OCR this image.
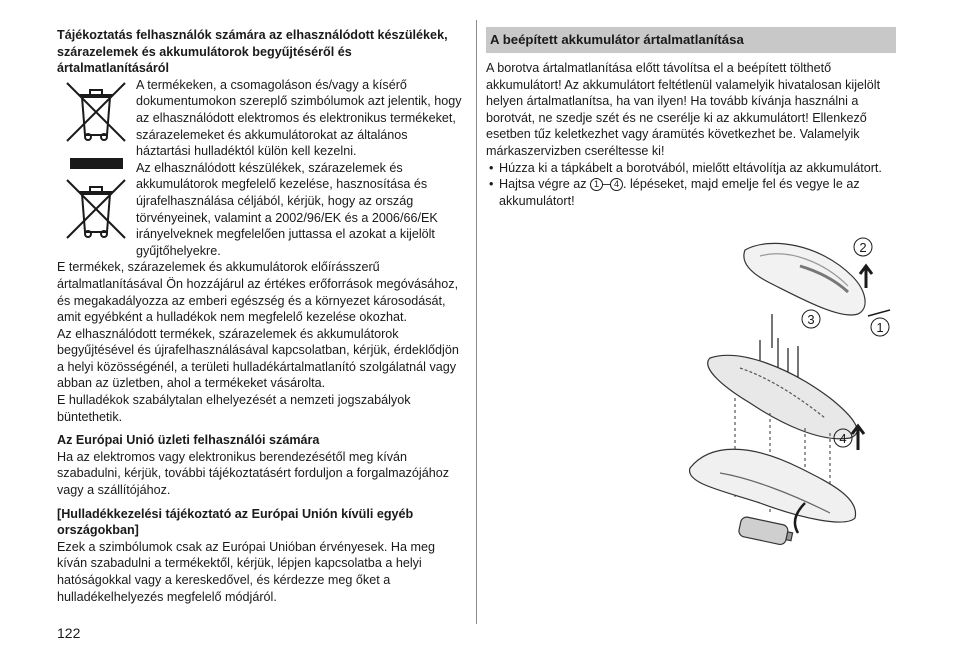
Tájékoztatás felhasználók számára az elhasználódott készülékek, szárazelemek és akkumulátorok begyűjtéséről és ártalmatlanításáról

A termékeken, a csomagoláson és/vagy a kísérő dokumentumokon szereplő szimbólumok azt jelentik, hogy az elhasználódott elektromos és elektronikus termékeket, szárazelemeket és akkumulátorokat az általános háztartási hulladéktól külön kell kezelni.

Az elhasználódott készülékek, szárazelemek és akkumulátorok megfelelő kezelése, hasznosítása és újrafelhasználása céljából, kérjük, hogy az ország törvényeinek, valamint a 2002/96/EK és a 2006/66/EK irányelveknek megfelelően juttassa el azokat a kijelölt gyűjtőhelyekre.

E termékek, szárazelemek és akkumulátorok előírásszerű ártalmatlanításával Ön hozzájárul az értékes erőforrások megóvásához, és megakadályozza az emberi egészség és a környezet károsodását, amit egyébként a hulladékok nem megfelelő kezelése okozhat.

Az elhasználódott termékek, szárazelemek és akkumulátorok begyűjtésével és újrafelhasználásával kapcsolatban, kérjük, érdeklődjön a helyi közösségénél, a területi hulladékártalmatlanító szolgálatnál vagy abban az üzletben, ahol a termékeket vásárolta.

E hulladékok szabálytalan elhelyezését a nemzeti jogszabályok büntethetik.

Az Európai Unió üzleti felhasználói számára

Ha az elektromos vagy elektronikus berendezésétől meg kíván szabadulni, kérjük, további tájékoztatásért forduljon a forgalmazójához vagy a szállítójához.

[Hulladékkezelési tájékoztató az Európai Unión kívüli egyéb országokban]

Ezek a szimbólumok csak az Európai Unióban érvényesek. Ha meg kíván szabadulni a termékektől, kérjük, lépjen kapcsolatba a helyi hatóságokkal vagy a kereskedővel, és kérdezze meg őket a hulladékelhelyezés megfelelő módjáról.

122
A beépített akkumulátor ártalmatlanítása

A borotva ártalmatlanítása előtt távolítsa el a beépített tölthető akkumulátort! Az akkumulátort feltétlenül valamelyik hivatalosan kijelölt helyen ártalmatlanítsa, ha van ilyen! Ha tovább kívánja használni a borotvát, ne szedje szét és ne cserélje ki az akkumulátort! Ellenkező esetben tűz keletkezhet vagy áramütés következhet be. Valamelyik márkaszervizben cseréltesse ki!

• Húzza ki a tápkábelt a borotvából, mielőtt eltávolítja az akkumulátort.
• Hajtsa végre az 1 – 4 . lépéseket, majd emelje fel és vegye le az akkumulátort!
2
1
3
4
